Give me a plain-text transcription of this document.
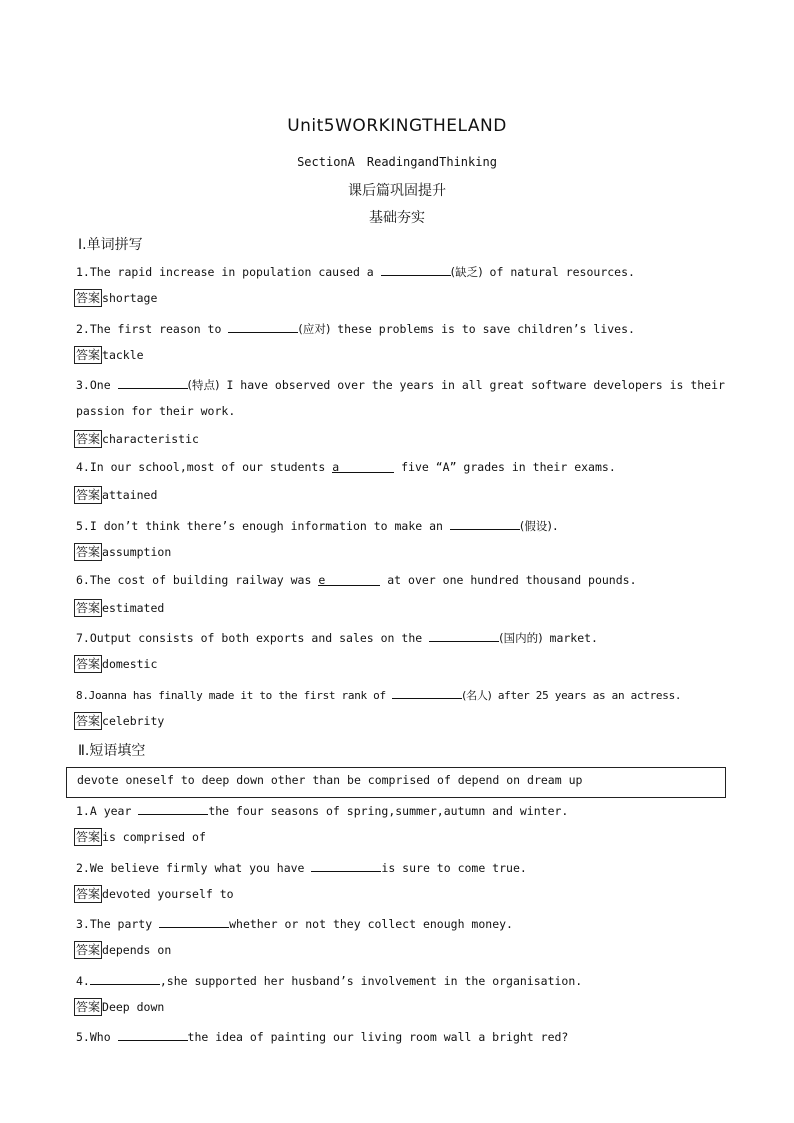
Unit5WORKINGTHELAND
SectionA ReadingandThinking
课后篇巩固提升
基础夯实
Ⅰ.单词拼写
1.The rapid increase in population caused a	(缺乏) of natural resources.
答案 shortage
2.The first reason to	(应对) these problems is to save children’s lives.
答案 tackle
3.One	(特点) I have observed over the years in all great software developers is their
passion for their work.
答案 characteristic
4.In our school,most of our students a	five “A” grades in their exams.
答案 attained
5.I don’t think there’s enough information to make an	(假设).
答案 assumption
6.The cost of building railway was e	at over one hundred thousand pounds.
答案 estimated
7.Output consists of both exports and sales on the	(国内的) market.
答案 domestic
8.Joanna has finally made it to the first rank of	(名人) after 25 years as an actress.
答案 celebrity
Ⅱ.短语填空
devote oneself to deep down other than be comprised of depend on dream up
1.A year	the four seasons of spring,summer,autumn and winter.
答案 is comprised of
2.We believe firmly what you have	is sure to come true.
答案 devoted yourself to
3.The party	whether or not they collect enough money.
答案 depends on
4.	,she supported her husband’s involvement in the organisation.
答案 Deep down
5.Who	the idea of painting our living room wall a bright red?
